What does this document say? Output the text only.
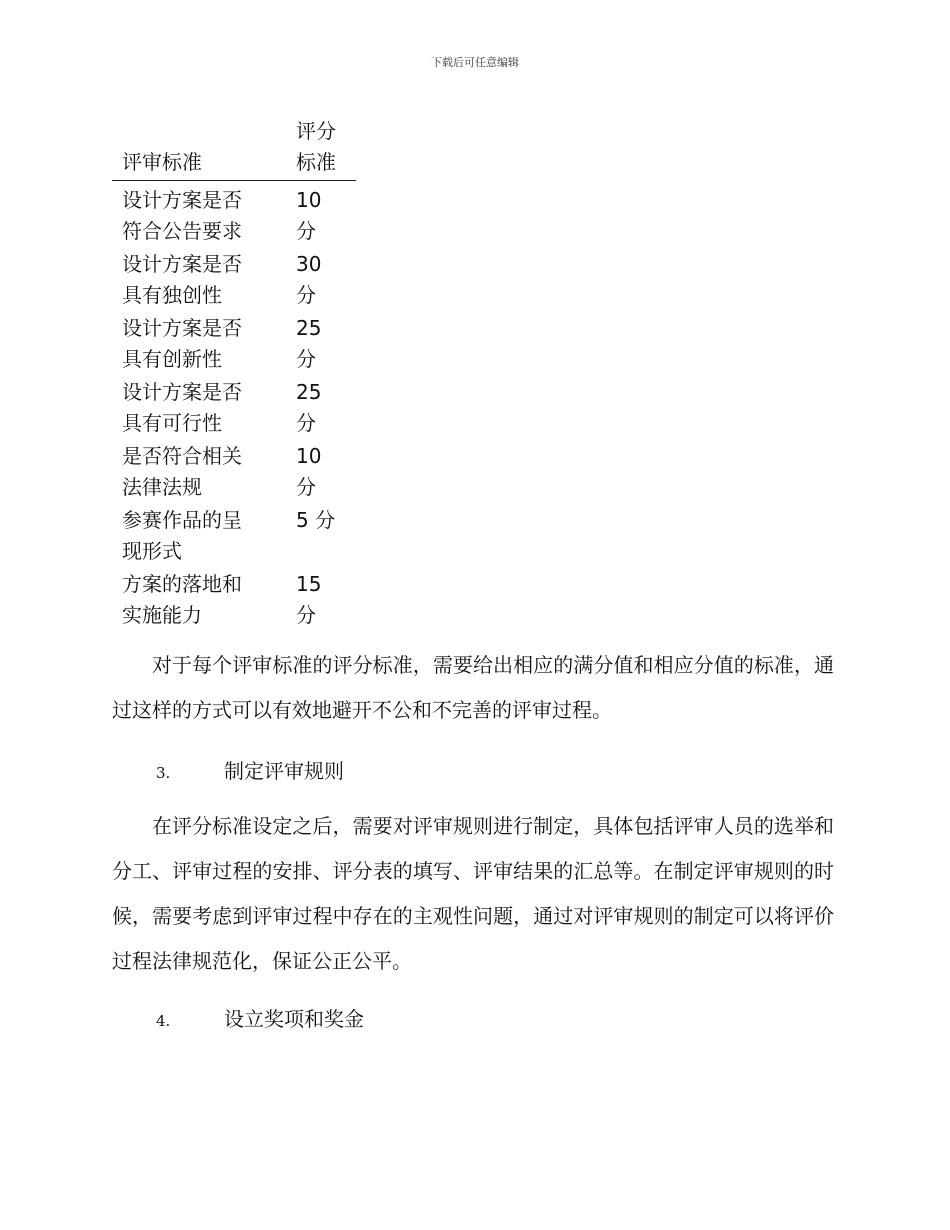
下载后可任意编辑
评审标准	评分标准

设计方案是否符合公告要求	10分

设计方案是否具有独创性	30分

设计方案是否具有创新性	25分

设计方案是否具有可行性	25分

是否符合相关法律法规	10分

参赛作品的呈现形式	5 分

方案的落地和实施能力	15分

对于每个评审标准的评分标准，需要给出相应的满分值和相应分值的标准，通过这样的方式可以有效地避开不公和不完善的评审过程。

3.	制定评审规则

在评分标准设定之后，需要对评审规则进行制定，具体包括评审人员的选举和分工、评审过程的安排、评分表的填写、评审结果的汇总等。在制定评审规则的时候，需要考虑到评审过程中存在的主观性问题，通过对评审规则的制定可以将评价过程法律规范化，保证公正公平。

4.	设立奖项和奖金
